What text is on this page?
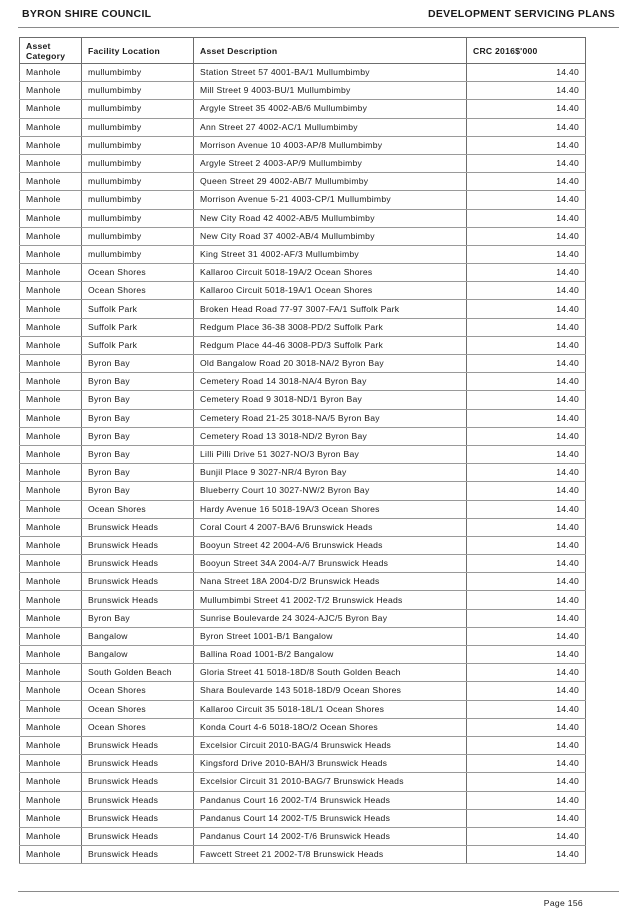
BYRON SHIRE COUNCIL	DEVELOPMENT SERVICING PLANS
Asset Category	Facility Location	Asset Description	CRC 2016$'000
Manhole	mullumbimby	Station Street 57 4001-BA/1 Mullumbimby	14.40
Manhole	mullumbimby	Mill Street 9 4003-BU/1 Mullumbimby	14.40
Manhole	mullumbimby	Argyle Street 35 4002-AB/6 Mullumbimby	14.40
Manhole	mullumbimby	Ann Street 27 4002-AC/1 Mullumbimby	14.40
Manhole	mullumbimby	Morrison Avenue 10 4003-AP/8 Mullumbimby	14.40
Manhole	mullumbimby	Argyle Street 2 4003-AP/9 Mullumbimby	14.40
Manhole	mullumbimby	Queen Street 29 4002-AB/7 Mullumbimby	14.40
Manhole	mullumbimby	Morrison Avenue 5-21 4003-CP/1 Mullumbimby	14.40
Manhole	mullumbimby	New City Road 42 4002-AB/5 Mullumbimby	14.40
Manhole	mullumbimby	New City Road 37 4002-AB/4 Mullumbimby	14.40
Manhole	mullumbimby	King Street 31 4002-AF/3 Mullumbimby	14.40
Manhole	Ocean Shores	Kallaroo Circuit 5018-19A/2 Ocean Shores	14.40
Manhole	Ocean Shores	Kallaroo Circuit 5018-19A/1 Ocean Shores	14.40
Manhole	Suffolk Park	Broken Head Road 77-97 3007-FA/1 Suffolk Park	14.40
Manhole	Suffolk Park	Redgum Place 36-38 3008-PD/2 Suffolk Park	14.40
Manhole	Suffolk Park	Redgum Place 44-46 3008-PD/3 Suffolk Park	14.40
Manhole	Byron Bay	Old Bangalow Road 20 3018-NA/2 Byron Bay	14.40
Manhole	Byron Bay	Cemetery Road 14 3018-NA/4 Byron Bay	14.40
Manhole	Byron Bay	Cemetery Road 9 3018-ND/1 Byron Bay	14.40
Manhole	Byron Bay	Cemetery Road 21-25 3018-NA/5 Byron Bay	14.40
Manhole	Byron Bay	Cemetery Road 13 3018-ND/2 Byron Bay	14.40
Manhole	Byron Bay	Lilli Pilli Drive 51 3027-NO/3 Byron Bay	14.40
Manhole	Byron Bay	Bunjil Place 9 3027-NR/4 Byron Bay	14.40
Manhole	Byron Bay	Blueberry Court 10 3027-NW/2 Byron Bay	14.40
Manhole	Ocean Shores	Hardy Avenue 16 5018-19A/3 Ocean Shores	14.40
Manhole	Brunswick Heads	Coral Court 4 2007-BA/6 Brunswick Heads	14.40
Manhole	Brunswick Heads	Booyun Street 42 2004-A/6 Brunswick Heads	14.40
Manhole	Brunswick Heads	Booyun Street 34A 2004-A/7 Brunswick Heads	14.40
Manhole	Brunswick Heads	Nana Street 18A 2004-D/2 Brunswick Heads	14.40
Manhole	Brunswick Heads	Mullumbimbi Street 41 2002-T/2 Brunswick Heads	14.40
Manhole	Byron Bay	Sunrise Boulevarde 24 3024-AJC/5 Byron Bay	14.40
Manhole	Bangalow	Byron Street 1001-B/1 Bangalow	14.40
Manhole	Bangalow	Ballina Road 1001-B/2 Bangalow	14.40
Manhole	South Golden Beach	Gloria Street 41 5018-18D/8 South Golden Beach	14.40
Manhole	Ocean Shores	Shara Boulevarde 143 5018-18D/9 Ocean Shores	14.40
Manhole	Ocean Shores	Kallaroo Circuit 35 5018-18L/1 Ocean Shores	14.40
Manhole	Ocean Shores	Konda Court 4-6 5018-18O/2 Ocean Shores	14.40
Manhole	Brunswick Heads	Excelsior Circuit 2010-BAG/4 Brunswick Heads	14.40
Manhole	Brunswick Heads	Kingsford Drive 2010-BAH/3 Brunswick Heads	14.40
Manhole	Brunswick Heads	Excelsior Circuit 31 2010-BAG/7 Brunswick Heads	14.40
Manhole	Brunswick Heads	Pandanus Court 16 2002-T/4 Brunswick Heads	14.40
Manhole	Brunswick Heads	Pandanus Court 14 2002-T/5 Brunswick Heads	14.40
Manhole	Brunswick Heads	Pandanus Court 14 2002-T/6 Brunswick Heads	14.40
Manhole	Brunswick Heads	Fawcett Street 21 2002-T/8 Brunswick Heads	14.40
Page 156
